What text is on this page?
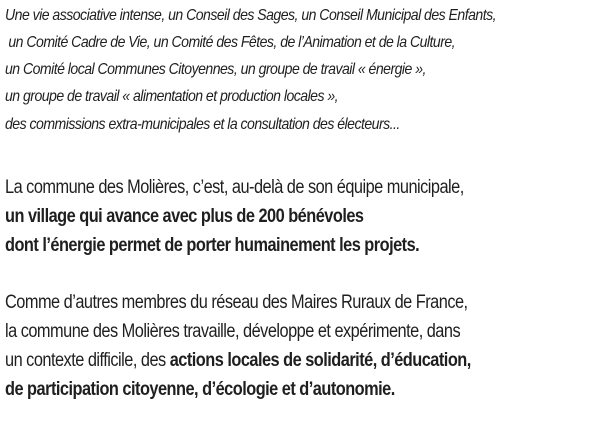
Une vie associative intense, un Conseil des Sages, un Conseil Municipal des Enfants,
un Comité Cadre de Vie, un Comité des Fêtes, de l’Animation et de la Culture,
un Comité local Communes Citoyennes, un groupe de travail « énergie »,
un groupe de travail « alimentation et production locales »,
des commissions extra-municipales et la consultation des électeurs...
La commune des Molières, c’est, au-delà de son équipe municipale,
un village qui avance avec plus de 200 bénévoles
dont l’énergie permet de porter humainement les projets.
Comme d’autres membres du réseau des Maires Ruraux de France,
la commune des Molières travaille, développe et expérimente, dans
un contexte difficile, des actions locales de solidarité, d’éducation,
de participation citoyenne, d’écologie et d’autonomie.
